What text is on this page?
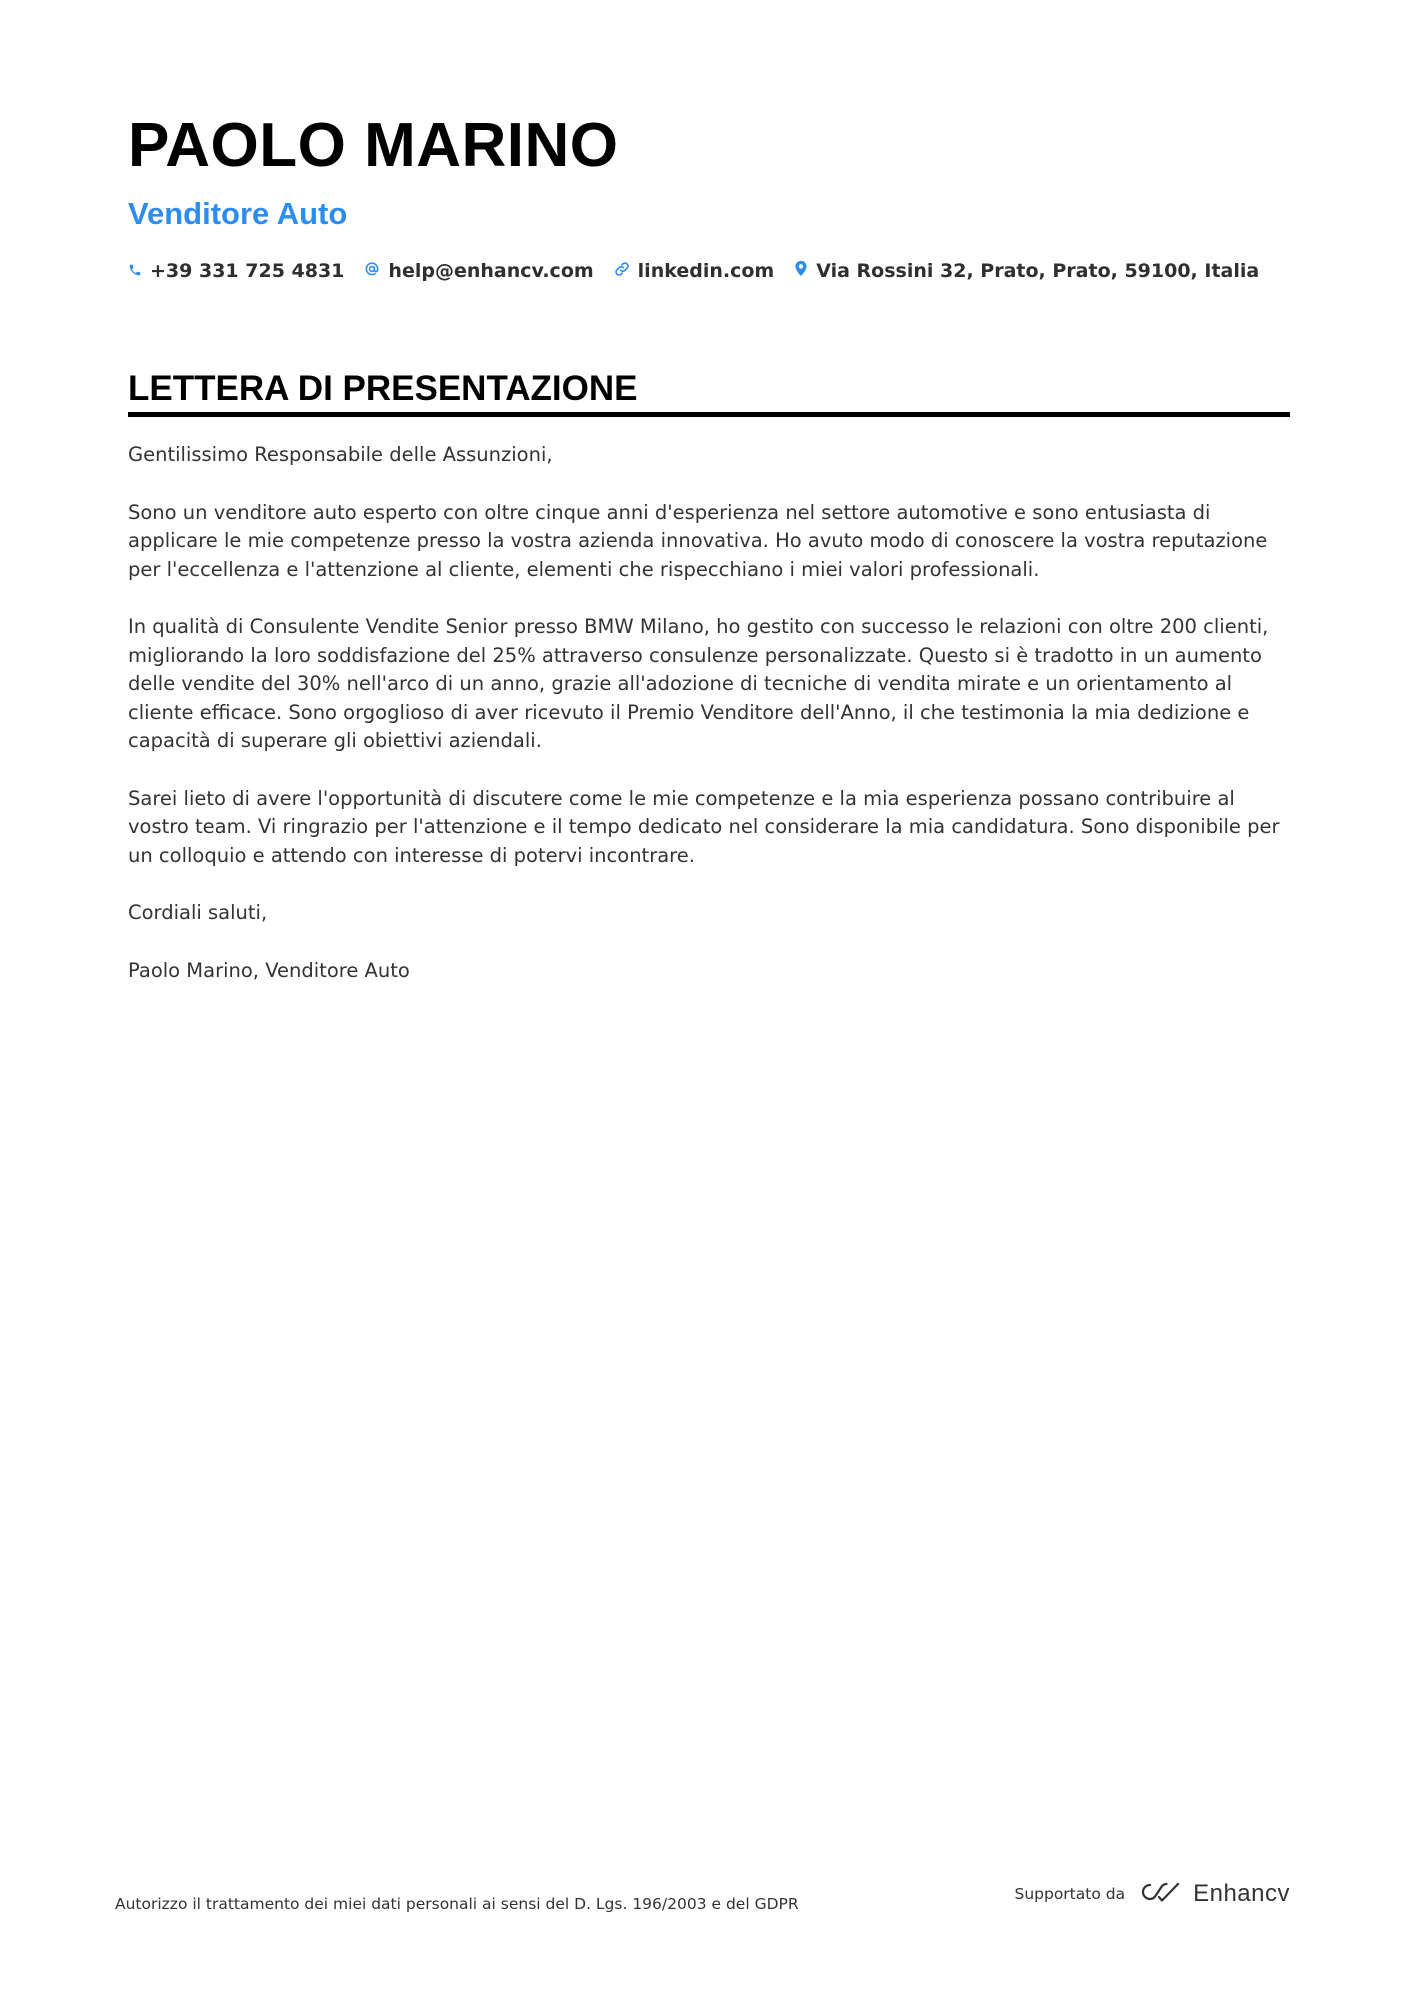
PAOLO MARINO
Venditore Auto
+39 331 725 4831 help@enhancv.com linkedin.com Via Rossini 32, Prato, Prato, 59100, Italia
LETTERA DI PRESENTAZIONE

Gentilissimo Responsabile delle Assunzioni,

Sono un venditore auto esperto con oltre cinque anni d'esperienza nel settore automotive e sono entusiasta di applicare le mie competenze presso la vostra azienda innovativa. Ho avuto modo di conoscere la vostra reputazione per l'eccellenza e l'attenzione al cliente, elementi che rispecchiano i miei valori professionali.

In qualità di Consulente Vendite Senior presso BMW Milano, ho gestito con successo le relazioni con oltre 200 clienti, migliorando la loro soddisfazione del 25% attraverso consulenze personalizzate. Questo si è tradotto in un aumento delle vendite del 30% nell'arco di un anno, grazie all'adozione di tecniche di vendita mirate e un orientamento al cliente efficace. Sono orgoglioso di aver ricevuto il Premio Venditore dell'Anno, il che testimonia la mia dedizione e capacità di superare gli obiettivi aziendali.

Sarei lieto di avere l'opportunità di discutere come le mie competenze e la mia esperienza possano contribuire al vostro team. Vi ringrazio per l'attenzione e il tempo dedicato nel considerare la mia candidatura. Sono disponibile per un colloquio e attendo con interesse di potervi incontrare.

Cordiali saluti,

Paolo Marino, Venditore Auto

Autorizzo il trattamento dei miei dati personali ai sensi del D. Lgs. 196/2003 e del GDPR
Supportato da	Enhancv
